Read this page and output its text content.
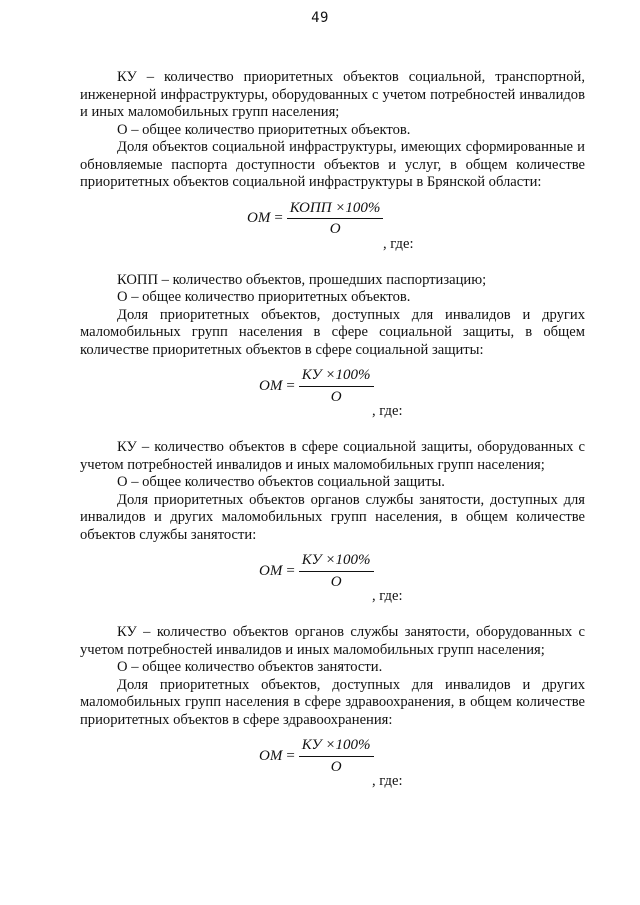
49

КУ – количество приоритетных объектов социальной, транспортной, инженерной инфраструктуры, оборудованных с учетом потребностей инвалидов и иных маломобильных групп населения;

О – общее количество приоритетных объектов.

Доля объектов социальной инфраструктуры, имеющих сформированные и обновляемые паспорта доступности объектов и услуг, в общем количестве приоритетных объектов социальной инфраструктуры в Брянской области:

ОМ = $\frac{\text{КОПП ×100\%}}{О}$
, где:

КОПП – количество объектов, прошедших паспортизацию;

О – общее количество приоритетных объектов.

Доля приоритетных объектов, доступных для инвалидов и других маломобильных групп населения в сфере социальной защиты, в общем количестве приоритетных объектов в сфере социальной защиты:

ОМ = $\frac{КУ \times 100\%}{О}$
, где:

КУ – количество объектов в сфере социальной защиты, оборудованных с учетом потребностей инвалидов и иных маломобильных групп населения;

О – общее количество объектов социальной защиты.

Доля приоритетных объектов органов службы занятости, доступных для инвалидов и других маломобильных групп населения, в общем количестве объектов службы занятости:

ОМ = $\frac{КУ \times 100\%}{О}$
, где:

КУ – количество объектов органов службы занятости, оборудованных с учетом потребностей инвалидов и иных маломобильных групп населения;

О – общее количество объектов занятости.

Доля приоритетных объектов, доступных для инвалидов и других маломобильных групп населения в сфере здравоохранения, в общем количестве приоритетных объектов в сфере здравоохранения:

ОМ = $\frac{КУ \times 100\%}{О}$
, где:
